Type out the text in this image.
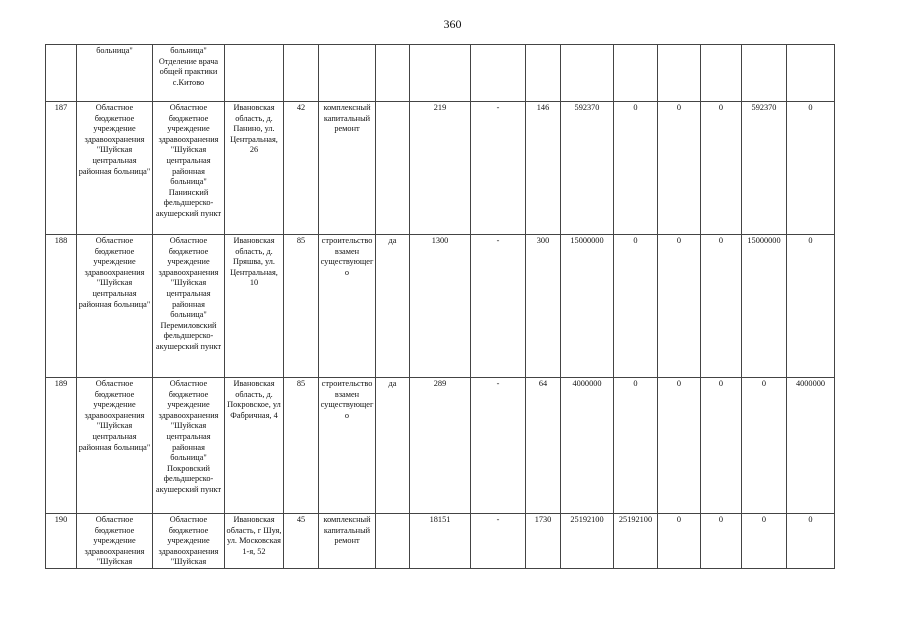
360
	больница"	больница" Отделение врача общей практики с.Китово													
187	Областное бюджетное учреждение здравоохранения "Шуйская центральная районная больница"	Областное бюджетное учреждение здравоохранения "Шуйская центральная районная больница" Панинский фельдшерско-акушерский пункт	Ивановская область, д. Панино, ул. Центральная, 26	42	комплексный капитальный ремонт		219	-	146	592370	0	0	0	592370	0
188	Областное бюджетное учреждение здравоохранения "Шуйская центральная районная больница"	Областное бюджетное учреждение здравоохранения "Шуйская центральная районная больница" Перемиловский фельдшерско-акушерский пункт	Ивановская область, д. Пряшва, ул. Центральная, 10	85	строительство взамен существующего	да	1300	-	300	15000000	0	0	0	15000000	0
189	Областное бюджетное учреждение здравоохранения "Шуйская центральная районная больница"	Областное бюджетное учреждение здравоохранения "Шуйская центральная районная больница" Покровский фельдшерско-акушерский пункт	Ивановская область, д. Покровское, ул Фабричная, 4	85	строительство взамен существующего	да	289	-	64	4000000	0	0	0	0	4000000
190	Областное бюджетное учреждение здравоохранения "Шуйская	Областное бюджетное учреждение здравоохранения "Шуйская	Ивановская область, г Шуя, ул. Московская 1-я, 52	45	комплексный капитальный ремонт		18151	-	1730	25192100	25192100	0	0	0	0
